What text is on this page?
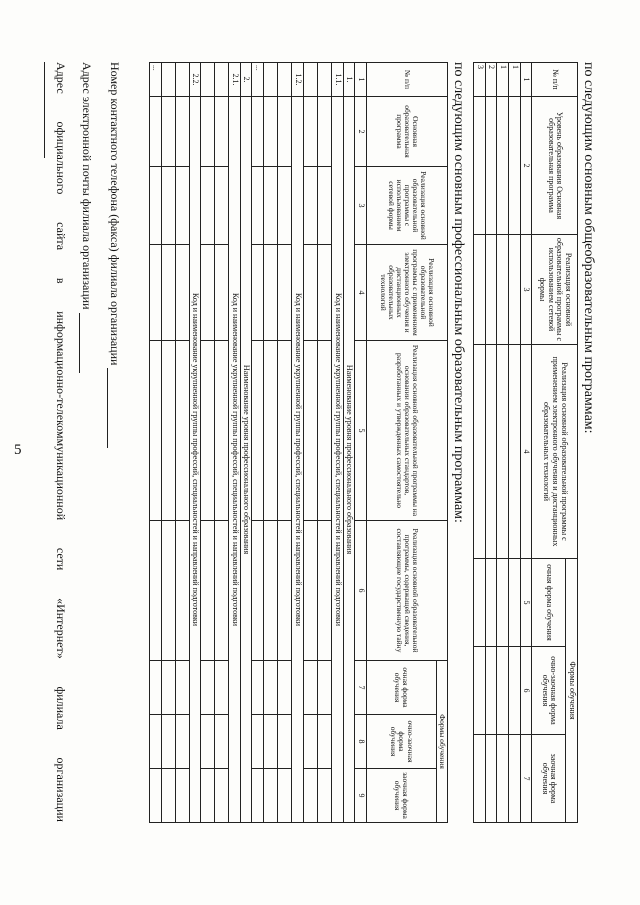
5
по следующим основным общеобразовательным программам:
№ п/п	Уровень образования Основная образовательная программа	Реализация основной образовательной программы с использованием сетевой формы	Реализация основной образовательной программы с применением электронного обучения и дистанционных образовательных технологий	Формы обучения		
				очная форма обучения	очно-заочная форма обучения	заочная форма обучения
1	2	3	4	5	6	7
1						
1						
2						
3						
по следующим основным профессиональным образовательным программам:
№ п/п	Основная образовательная программа	Реализация основной образовательной программы с использованием сетевой формы	Реализация основной образовательной программы с применением электронного обучения и дистанционных образовательных технологий	Реализация основной образовательной программы на основании образовательных стандартов, разработанных и утвержденных самостоятельно	Реализация основной образовательной программы, содержащей сведения, составляющие государственную тайну	Формы обучения		
						очная форма обучения	очно-заочная форма обучения	заочная форма обучения
1	2	3	4	5	6	7	8	9
1.	Наименование уровня профессионального образования							
1.1.	Код и наименование укрупненной группы профессий, специальностей и направлений подготовки							

1.2.	Код и наименование укрупненной группы профессий, специальностей и направлений подготовки							

...								
2.	Наименование уровня профессионального образования							
2.1.	Код и наименование укрупненной группы профессий, специальностей и направлений подготовки							

2.2.	Код и наименование укрупненной группы профессий, специальностей и направлений подготовки							

...								
Номер контактного телефона (факса) филиала организации
Адрес электронной почты филиала организации
Адрес
официального
сайта
в
информационно-телекоммуникационной
сети
«Интернет»
филиала
организации
